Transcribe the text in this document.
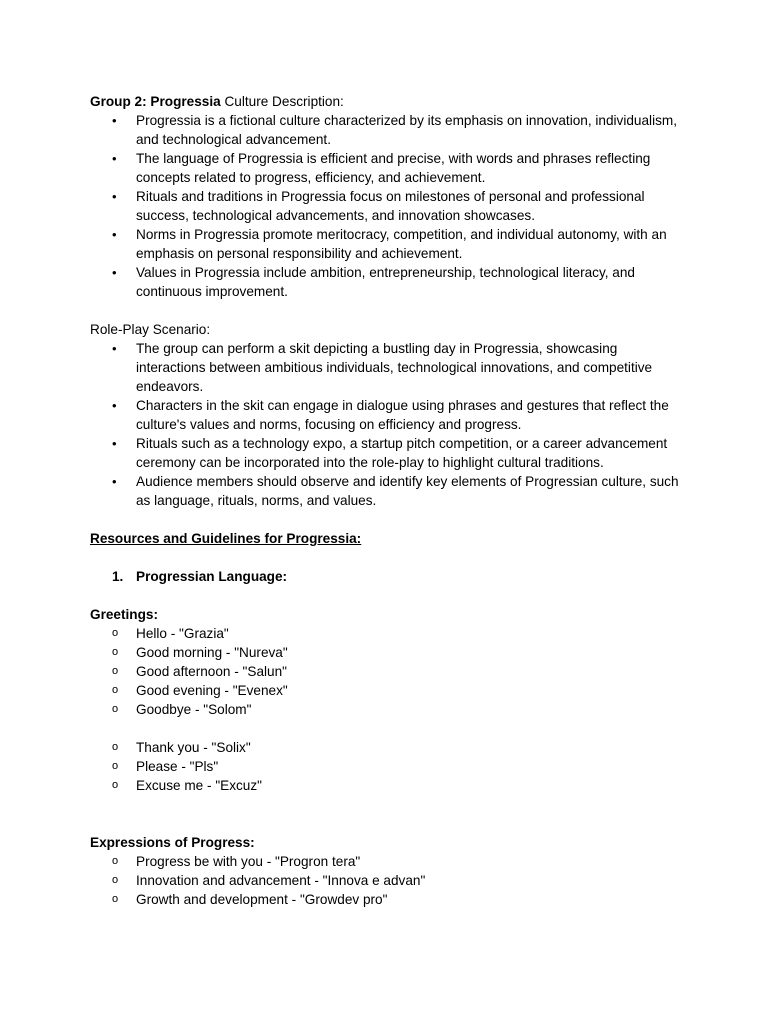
Group 2: Progressia Culture Description:

• Progressia is a fictional culture characterized by its emphasis on innovation, individualism, and technological advancement.
• The language of Progressia is efficient and precise, with words and phrases reflecting concepts related to progress, efficiency, and achievement.
• Rituals and traditions in Progressia focus on milestones of personal and professional success, technological advancements, and innovation showcases.
• Norms in Progressia promote meritocracy, competition, and individual autonomy, with an emphasis on personal responsibility and achievement.
• Values in Progressia include ambition, entrepreneurship, technological literacy, and continuous improvement.

Role-Play Scenario:

• The group can perform a skit depicting a bustling day in Progressia, showcasing interactions between ambitious individuals, technological innovations, and competitive endeavors.
• Characters in the skit can engage in dialogue using phrases and gestures that reflect the culture's values and norms, focusing on efficiency and progress.
• Rituals such as a technology expo, a startup pitch competition, or a career advancement ceremony can be incorporated into the role-play to highlight cultural traditions.
• Audience members should observe and identify key elements of Progressian culture, such as language, rituals, norms, and values.

Resources and Guidelines for Progressia:

1. Progressian Language:

Greetings:

o Hello - "Grazia"
o Good morning - "Nureva"
o Good afternoon - "Salun"
o Good evening - "Evenex"
o Goodbye - "Solom"
o Thank you - "Solix"
o Please - "Pls"
o Excuse me - "Excuz"

Expressions of Progress:

o Progress be with you - "Progron tera"
o Innovation and advancement - "Innova e advan"
o Growth and development - "Growdev pro"
